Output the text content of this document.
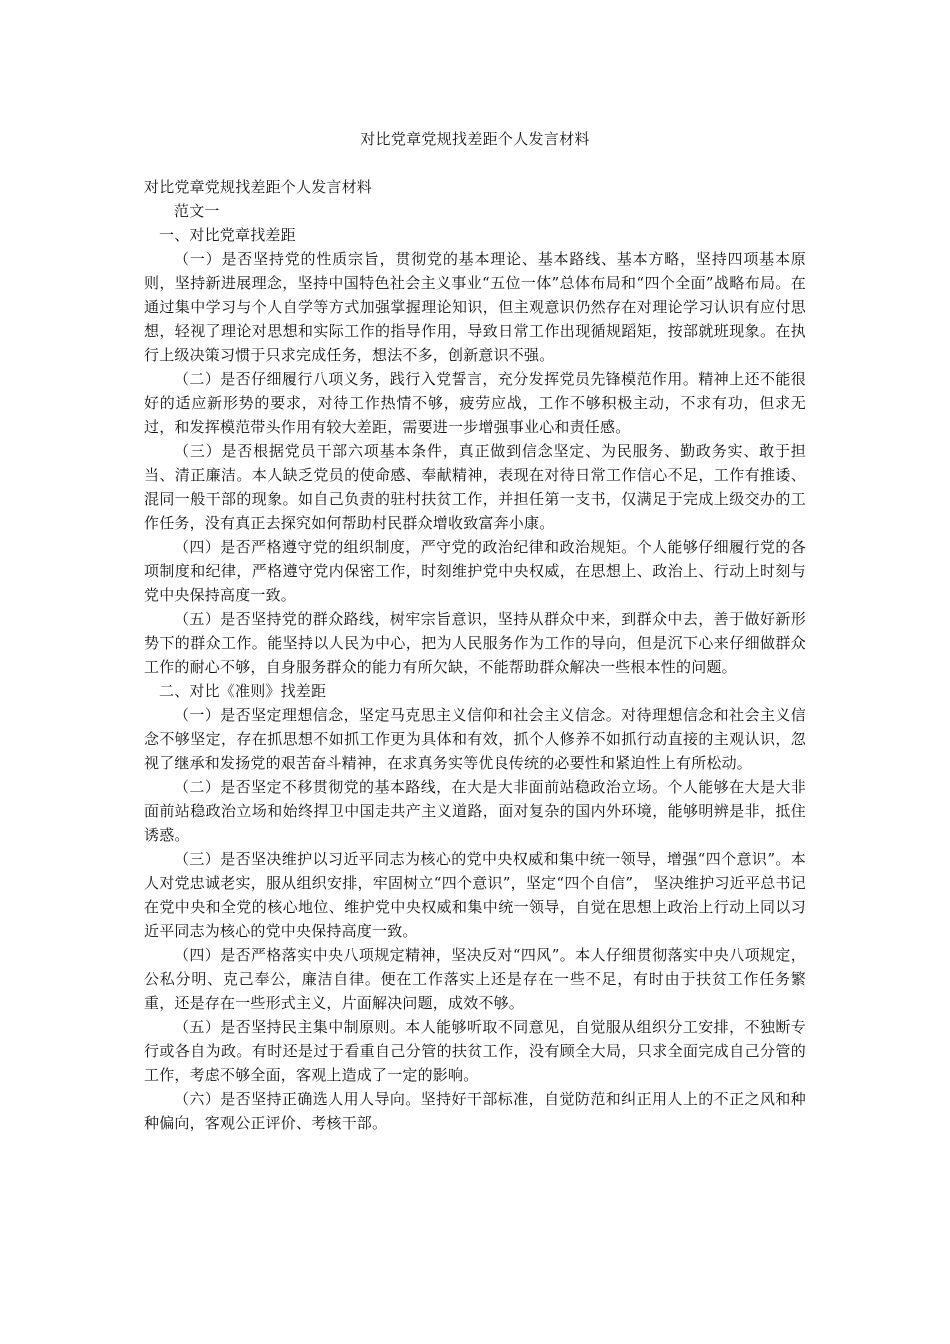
对比党章党规找差距个人发言材料

对比党章党规找差距个人发言材料

范文一

一、对比党章找差距

（一）是否坚持党的性质宗旨，贯彻党的基本理论、基本路线、基本方略，坚持四项基本原则，坚持新进展理念，坚持中国特色社会主义事业“五位一体”总体布局和“四个全面”战略布局。在通过集中学习与个人自学等方式加强掌握理论知识，但主观意识仍然存在对理论学习认识有应付思想，轻视了理论对思想和实际工作的指导作用，导致日常工作出现循规蹈矩，按部就班现象。在执行上级决策习惯于只求完成任务，想法不多，创新意识不强。

（二）是否仔细履行八项义务，践行入党誓言，充分发挥党员先锋模范作用。精神上还不能很好的适应新形势的要求，对待工作热情不够，疲劳应战，工作不够积极主动，不求有功，但求无过，和发挥模范带头作用有较大差距，需要进一步增强事业心和责任感。

（三）是否根据党员干部六项基本条件，真正做到信念坚定、为民服务、勤政务实、敢于担当、清正廉洁。本人缺乏党员的使命感、奉献精神，表现在对待日常工作信心不足，工作有推诿、混同一般干部的现象。如自己负责的驻村扶贫工作，并担任第一支书，仅满足于完成上级交办的工作任务，没有真正去探究如何帮助村民群众增收致富奔小康。

（四）是否严格遵守党的组织制度，严守党的政治纪律和政治规矩。个人能够仔细履行党的各项制度和纪律，严格遵守党内保密工作，时刻维护党中央权威，在思想上、政治上、行动上时刻与党中央保持高度一致。

（五）是否坚持党的群众路线，树牢宗旨意识，坚持从群众中来，到群众中去，善于做好新形势下的群众工作。能坚持以人民为中心，把为人民服务作为工作的导向，但是沉下心来仔细做群众工作的耐心不够，自身服务群众的能力有所欠缺，不能帮助群众解决一些根本性的问题。

二、对比《准则》找差距

（一）是否坚定理想信念，坚定马克思主义信仰和社会主义信念。对待理想信念和社会主义信念不够坚定，存在抓思想不如抓工作更为具体和有效，抓个人修养不如抓行动直接的主观认识，忽视了继承和发扬党的艰苦奋斗精神，在求真务实等优良传统的必要性和紧迫性上有所松动。

（二）是否坚定不移贯彻党的基本路线，在大是大非面前站稳政治立场。个人能够在大是大非面前站稳政治立场和始终捍卫中国走共产主义道路，面对复杂的国内外环境，能够明辨是非，抵住诱惑。

（三）是否坚决维护以习近平同志为核心的党中央权威和集中统一领导，增强“四个意识”。本人对党忠诚老实，服从组织安排，牢固树立“四个意识”，坚定“四个自信”， 坚决维护习近平总书记在党中央和全党的核心地位、维护党中央权威和集中统一领导，自觉在思想上政治上行动上同以习近平同志为核心的党中央保持高度一致。

（四）是否严格落实中央八项规定精神，坚决反对“四风”。本人仔细贯彻落实中央八项规定，公私分明、克己奉公，廉洁自律。便在工作落实上还是存在一些不足，有时由于扶贫工作任务繁重，还是存在一些形式主义，片面解决问题，成效不够。

（五）是否坚持民主集中制原则。本人能够听取不同意见，自觉服从组织分工安排，不独断专行或各自为政。有时还是过于看重自己分管的扶贫工作，没有顾全大局，只求全面完成自己分管的工作，考虑不够全面，客观上造成了一定的影响。

（六）是否坚持正确选人用人导向。坚持好干部标准，自觉防范和纠正用人上的不正之风和种种偏向，客观公正评价、考核干部。
